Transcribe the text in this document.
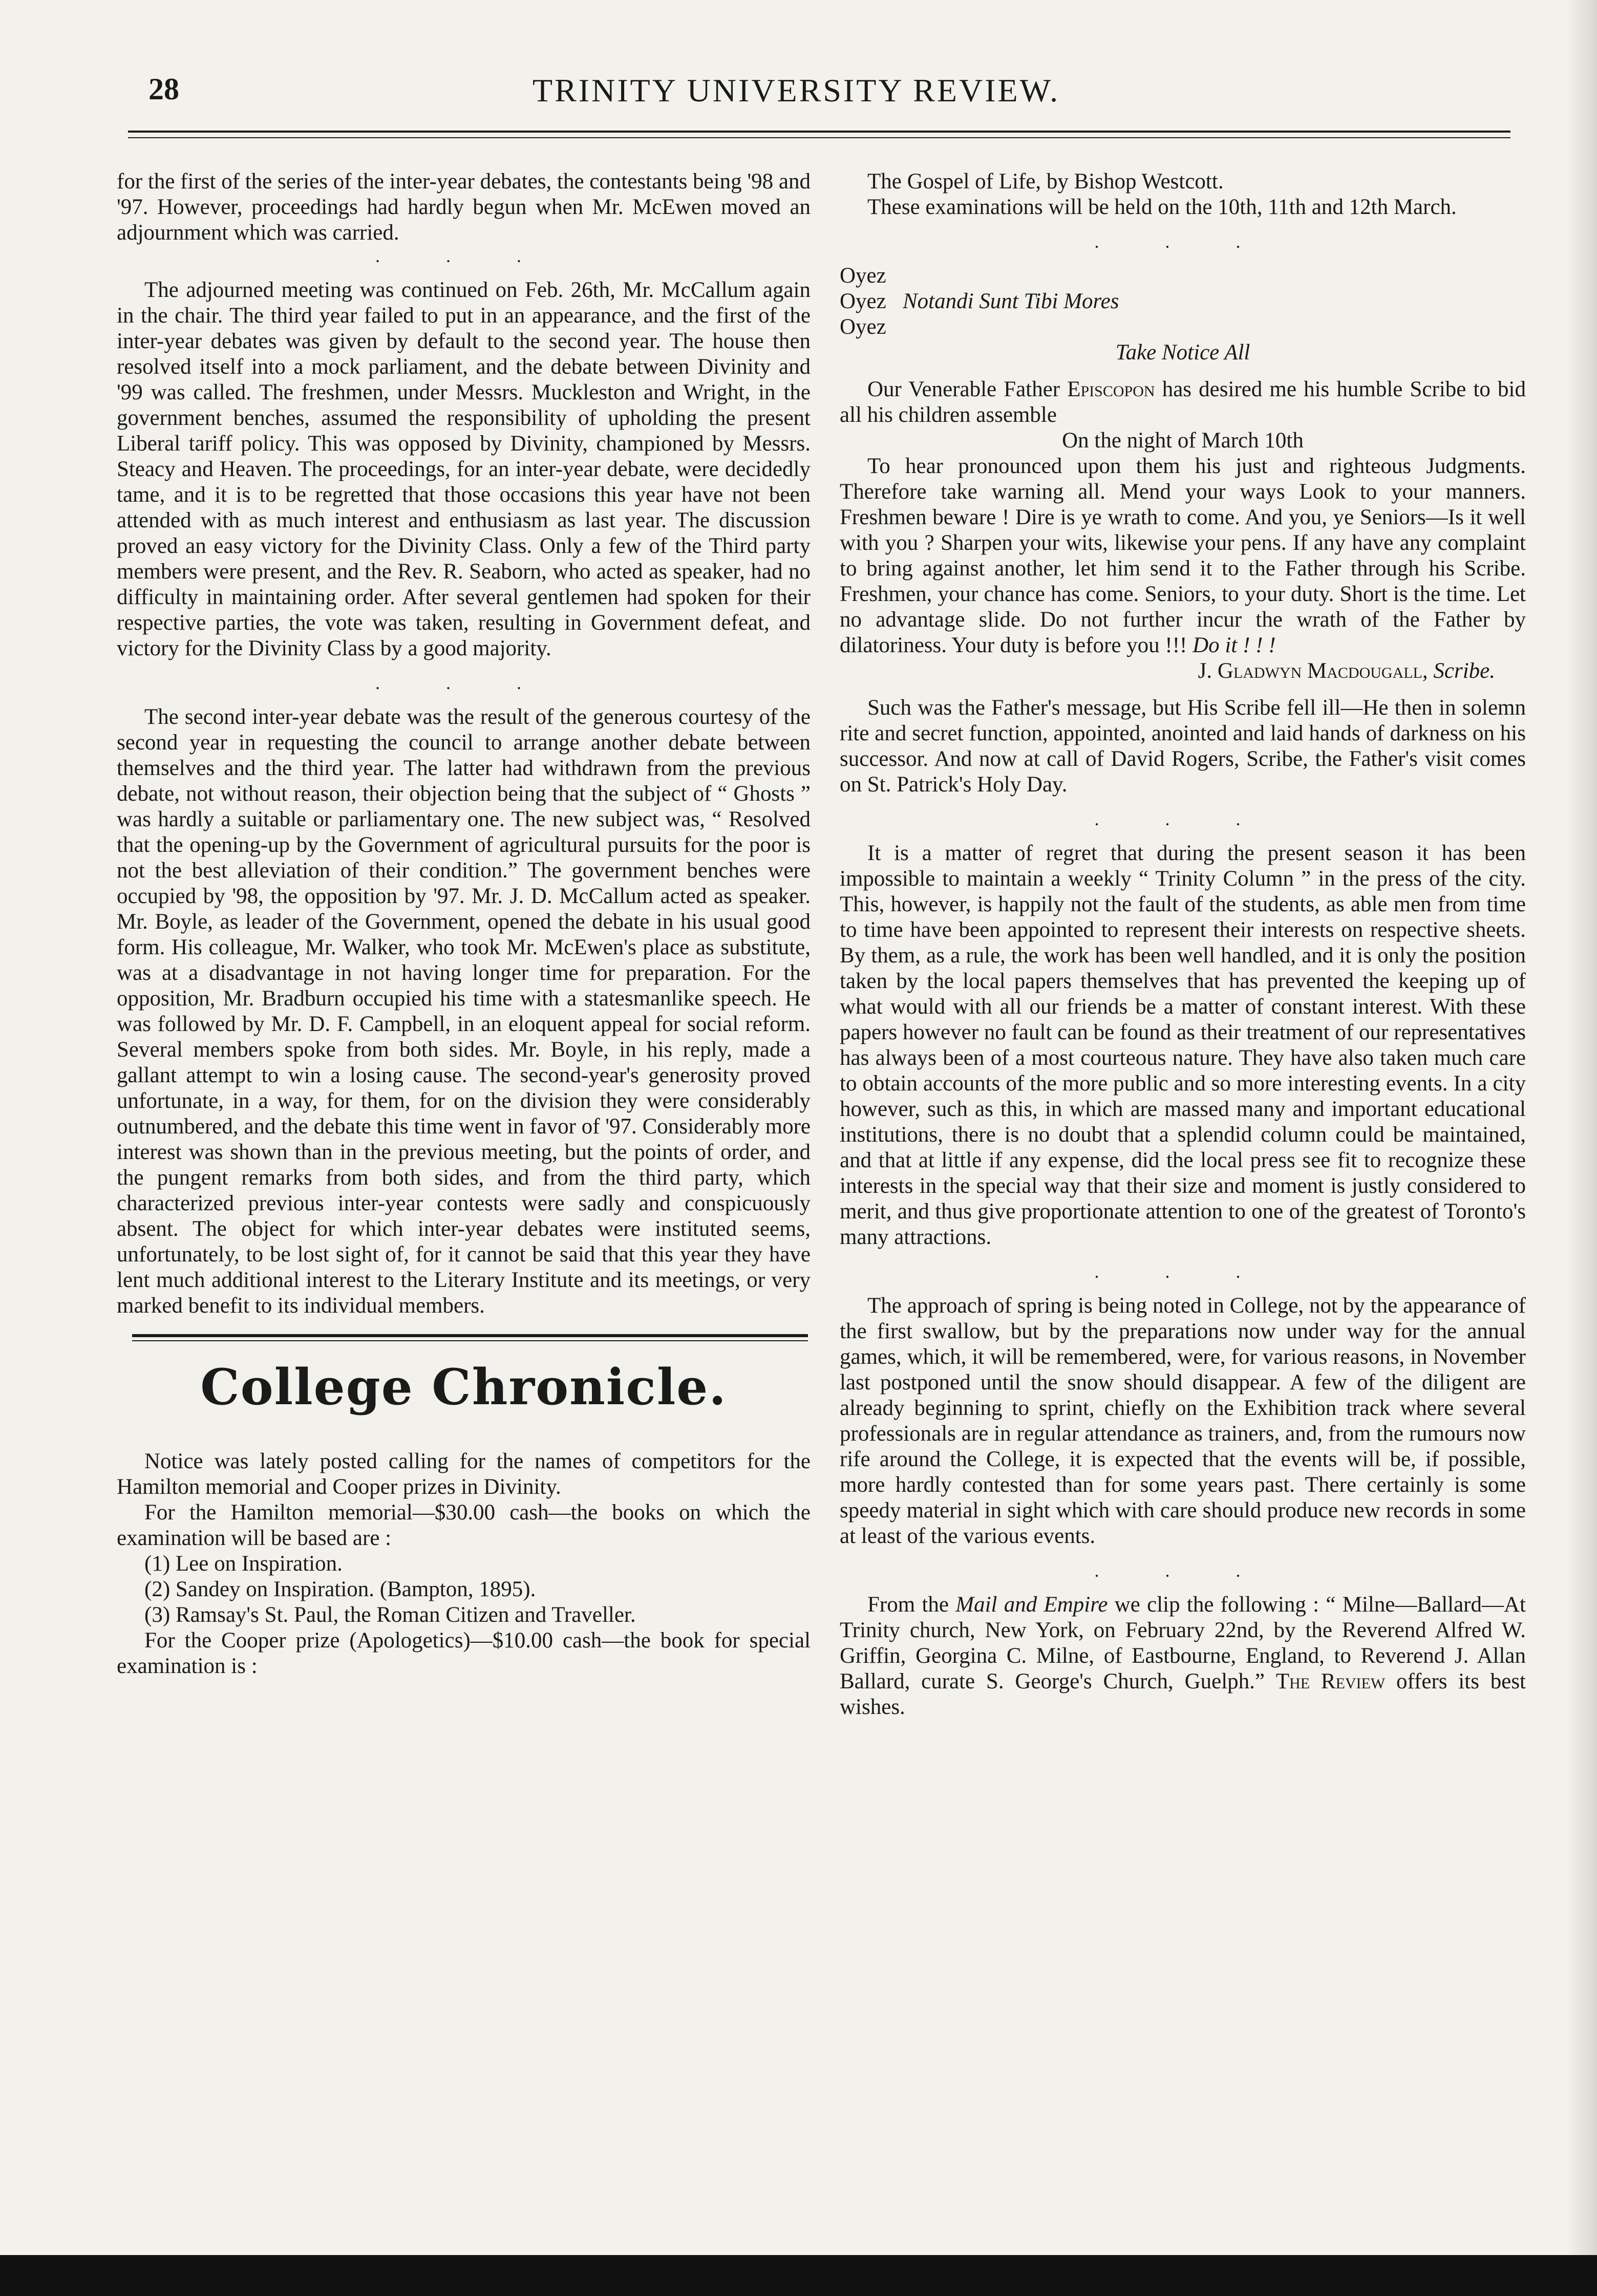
28	TRINITY UNIVERSITY REVIEW.

for the first of the series of the inter-year debates, the contestants being '98 and '97. However, proceedings had hardly begun when Mr. McEwen moved an adjournment which was carried.

. . .

The adjourned meeting was continued on Feb. 26th, Mr. McCallum again in the chair. The third year failed to put in an appearance, and the first of the inter-year debates was given by default to the second year. The house then resolved itself into a mock parliament, and the debate between Divinity and '99 was called. The freshmen, under Messrs. Muckleston and Wright, in the government benches, assumed the responsibility of upholding the present Liberal tariff policy. This was opposed by Divinity, championed by Messrs. Steacy and Heaven. The proceedings, for an inter-year debate, were decidedly tame, and it is to be regretted that those occasions this year have not been attended with as much interest and enthusiasm as last year. The discussion proved an easy victory for the Divinity Class. Only a few of the Third party members were present, and the Rev. R. Seaborn, who acted as speaker, had no difficulty in maintaining order. After several gentlemen had spoken for their respective parties, the vote was taken, resulting in Government defeat, and victory for the Divinity Class by a good majority.

. . .

The second inter-year debate was the result of the generous courtesy of the second year in requesting the council to arrange another debate between themselves and the third year. The latter had withdrawn from the previous debate, not without reason, their objection being that the subject of “ Ghosts ” was hardly a suitable or parliamentary one. The new subject was, “ Resolved that the opening-up by the Government of agricultural pursuits for the poor is not the best alleviation of their condition.” The government benches were occupied by '98, the opposition by '97. Mr. J. D. McCallum acted as speaker. Mr. Boyle, as leader of the Government, opened the debate in his usual good form. His colleague, Mr. Walker, who took Mr. McEwen's place as substitute, was at a disadvantage in not having longer time for preparation. For the opposition, Mr. Bradburn occupied his time with a statesmanlike speech. He was followed by Mr. D. F. Campbell, in an eloquent appeal for social reform. Several members spoke from both sides. Mr. Boyle, in his reply, made a gallant attempt to win a losing cause. The second-year's generosity proved unfortunate, in a way, for them, for on the division they were considerably outnumbered, and the debate this time went in favor of '97. Considerably more interest was shown than in the previous meeting, but the points of order, and the pungent remarks from both sides, and from the third party, which characterized previous inter-year contests were sadly and conspicuously absent. The object for which inter-year debates were instituted seems, unfortunately, to be lost sight of, for it cannot be said that this year they have lent much additional interest to the Literary Institute and its meetings, or very marked benefit to its individual members.

College Chronicle.

Notice was lately posted calling for the names of competitors for the Hamilton memorial and Cooper prizes in Divinity.

For the Hamilton memorial—$30.00 cash—the books on which the examination will be based are :

(1) Lee on Inspiration.

(2) Sandey on Inspiration. (Bampton, 1895).

(3) Ramsay's St. Paul, the Roman Citizen and Traveller.

For the Cooper prize (Apologetics)—$10.00 cash—the book for special examination is :

The Gospel of Life, by Bishop Westcott.

These examinations will be held on the 10th, 11th and 12th March.

. . .

Oyez

Oyez Notandi Sunt Tibi Mores

Oyez

Take Notice All

Our Venerable Father Episcopon has desired me his humble Scribe to bid all his children assemble

On the night of March 10th

To hear pronounced upon them his just and righteous Judgments. Therefore take warning all. Mend your ways Look to your manners. Freshmen beware ! Dire is ye wrath to come. And you, ye Seniors—Is it well with you ? Sharpen your wits, likewise your pens. If any have any complaint to bring against another, let him send it to the Father through his Scribe. Freshmen, your chance has come. Seniors, to your duty. Short is the time. Let no advantage slide. Do not further incur the wrath of the Father by dilatoriness. Your duty is before you !!! Do it ! ! !

J. Gladwyn Macdougall, Scribe.

Such was the Father's message, but His Scribe fell ill—He then in solemn rite and secret function, appointed, anointed and laid hands of darkness on his successor. And now at call of David Rogers, Scribe, the Father's visit comes on St. Patrick's Holy Day.

. . .

It is a matter of regret that during the present season it has been impossible to maintain a weekly “ Trinity Column ” in the press of the city. This, however, is happily not the fault of the students, as able men from time to time have been appointed to represent their interests on respective sheets. By them, as a rule, the work has been well handled, and it is only the position taken by the local papers themselves that has prevented the keeping up of what would with all our friends be a matter of constant interest. With these papers however no fault can be found as their treatment of our representatives has always been of a most courteous nature. They have also taken much care to obtain accounts of the more public and so more interesting events. In a city however, such as this, in which are massed many and important educational institutions, there is no doubt that a splendid column could be maintained, and that at little if any expense, did the local press see fit to recognize these interests in the special way that their size and moment is justly considered to merit, and thus give proportionate attention to one of the greatest of Toronto's many attractions.

. . .

The approach of spring is being noted in College, not by the appearance of the first swallow, but by the preparations now under way for the annual games, which, it will be remembered, were, for various reasons, in November last postponed until the snow should disappear. A few of the diligent are already beginning to sprint, chiefly on the Exhibition track where several professionals are in regular attendance as trainers, and, from the rumours now rife around the College, it is expected that the events will be, if possible, more hardly contested than for some years past. There certainly is some speedy material in sight which with care should produce new records in some at least of the various events.

. . .

From the Mail and Empire we clip the following : “ Milne—Ballard—At Trinity church, New York, on February 22nd, by the Reverend Alfred W. Griffin, Georgina C. Milne, of Eastbourne, England, to Reverend J. Allan Ballard, curate S. George's Church, Guelph.” The Review offers its best wishes.
